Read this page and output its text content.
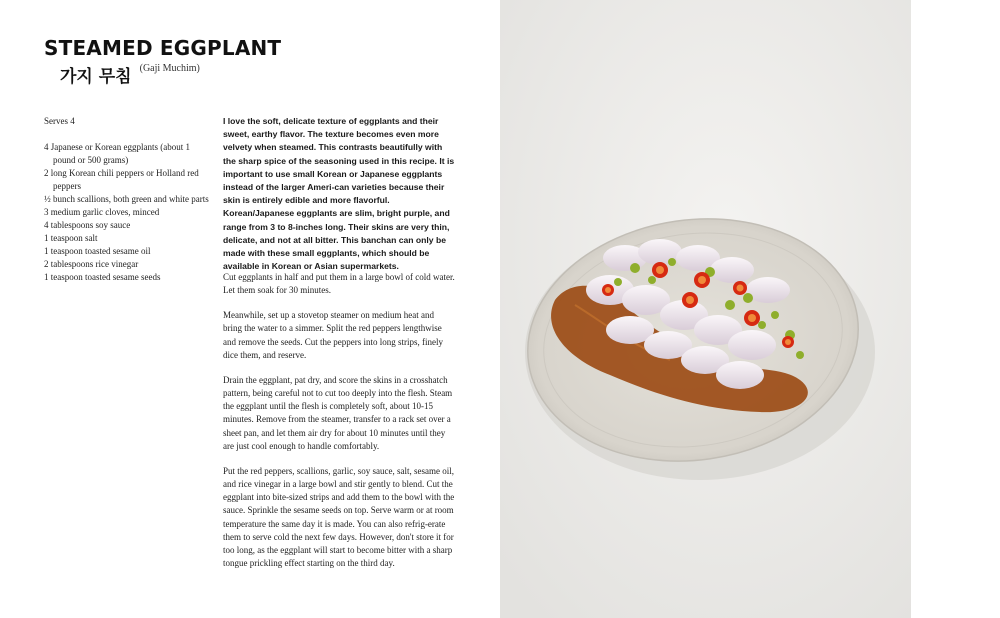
STEAMED EGGPLANT
가지 무침 $^{(Gaji Muchim)}$
Serves 4
4 Japanese or Korean eggplants (about 1 pound or 500 grams)
2 long Korean chili peppers or Holland red peppers
½ bunch scallions, both green and white parts
3 medium garlic cloves, minced
4 tablespoons soy sauce
1 teaspoon salt
1 teaspoon toasted sesame oil
2 tablespoons rice vinegar
1 teaspoon toasted sesame seeds

I love the soft, delicate texture of eggplants and their sweet, earthy flavor. The texture becomes even more velvety when steamed. This contrasts beautifully with the sharp spice of the seasoning used in this recipe. It is important to use small Korean or Japanese eggplants instead of the larger Ameri-can varieties because their skin is entirely edible and more flavorful. Korean/Japanese eggplants are slim, bright purple, and range from 3 to 8-inches long. Their skins are very thin, delicate, and not at all bitter. This banchan can only be made with these small eggplants, which should be available in Korean or Asian supermarkets.

Cut eggplants in half and put them in a large bowl of cold water. Let them soak for 30 minutes.

Meanwhile, set up a stovetop steamer on medium heat and bring the water to a simmer. Split the red peppers lengthwise and remove the seeds. Cut the peppers into long strips, finely dice them, and reserve.

Drain the eggplant, pat dry, and score the skins in a crosshatch pattern, being careful not to cut too deeply into the flesh. Steam the eggplant until the flesh is completely soft, about 10-15 minutes. Remove from the steamer, transfer to a rack set over a sheet pan, and let them air dry for about 10 minutes until they are just cool enough to handle comfortably.

Put the red peppers, scallions, garlic, soy sauce, salt, sesame oil, and rice vinegar in a large bowl and stir gently to blend. Cut the eggplant into bite-sized strips and add them to the bowl with the sauce. Sprinkle the sesame seeds on top. Serve warm or at room temperature the same day it is made. You can also refrig-erate them to serve cold the next few days. However, don't store it for too long, as the eggplant will start to become bitter with a sharp tongue prickling effect starting on the third day.
